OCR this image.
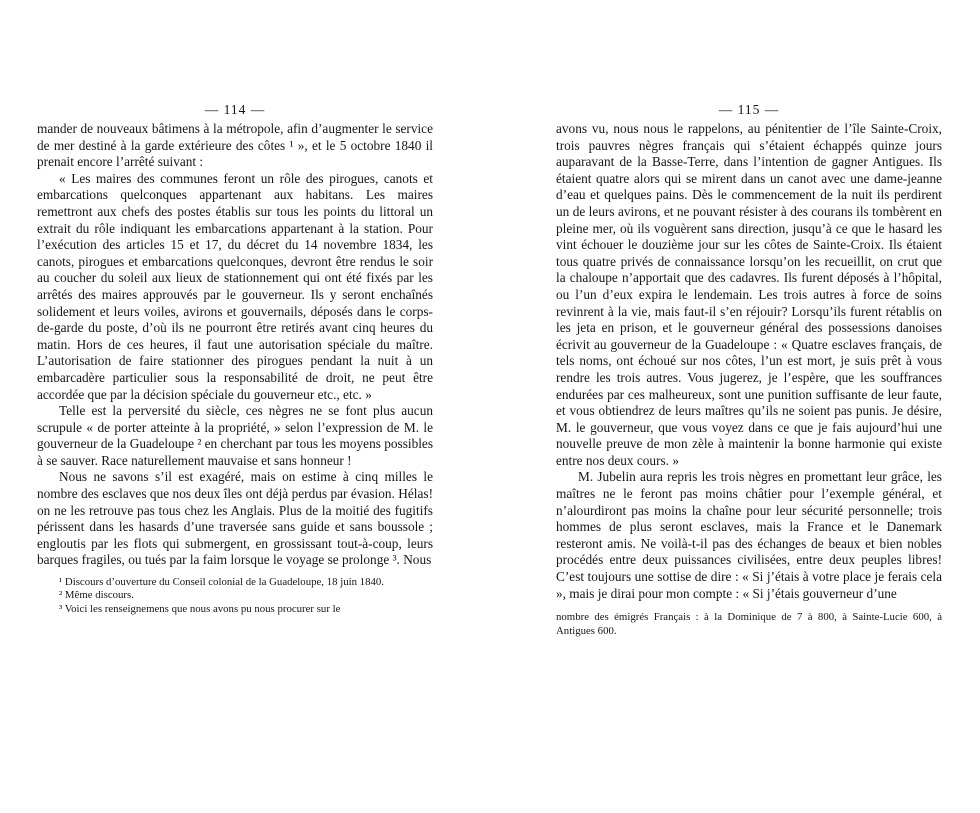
— 114 —

mander de nouveaux bâtimens à la métropole, afin d’augmenter le service de mer destiné à la garde extérieure des côtes ¹ », et le 5 octobre 1840 il prenait encore l’arrêté suivant :

« Les maires des communes feront un rôle des pirogues, canots et embarcations quelconques appartenant aux habitans. Les maires remettront aux chefs des postes établis sur tous les points du littoral un extrait du rôle indiquant les embarcations appartenant à la station. Pour l’exécution des articles 15 et 17, du décret du 14 novembre 1834, les canots, pirogues et embarcations quelconques, devront être rendus le soir au coucher du soleil aux lieux de stationnement qui ont été fixés par les arrêtés des maires approuvés par le gouverneur. Ils y seront enchaînés solidement et leurs voiles, avirons et gouvernails, déposés dans le corps-de-garde du poste, d’où ils ne pourront être retirés avant cinq heures du matin. Hors de ces heures, il faut une autorisation spéciale du maître. L’autorisation de faire stationner des pirogues pendant la nuit à un embarcadère particulier sous la responsabilité de droit, ne peut être accordée que par la décision spéciale du gouverneur etc., etc. »

Telle est la perversité du siècle, ces nègres ne se font plus aucun scrupule « de porter atteinte à la propriété, » selon l’expression de M. le gouverneur de la Guadeloupe ² en cherchant par tous les moyens possibles à se sauver. Race naturellement mauvaise et sans honneur !

Nous ne savons s’il est exagéré, mais on estime à cinq milles le nombre des esclaves que nos deux îles ont déjà perdus par évasion. Hélas! on ne les retrouve pas tous chez les Anglais. Plus de la moitié des fugitifs périssent dans les hasards d’une traversée sans guide et sans boussole ; engloutis par les flots qui submergent, en grossissant tout-à-coup, leurs barques fragiles, ou tués par la faim lorsque le voyage se prolonge ³. Nous

¹ Discours d’ouverture du Conseil colonial de la Guadeloupe, 18 juin 1840.

² Même discours.

³ Voici les renseignemens que nous avons pu nous procurer sur le

— 115 —

avons vu, nous nous le rappelons, au pénitentier de l’île Sainte-Croix, trois pauvres nègres français qui s’étaient échappés quinze jours auparavant de la Basse-Terre, dans l’intention de gagner Antigues. Ils étaient quatre alors qui se mirent dans un canot avec une dame-jeanne d’eau et quelques pains. Dès le commencement de la nuit ils perdirent un de leurs avirons, et ne pouvant résister à des courans ils tombèrent en pleine mer, où ils voguèrent sans direction, jusqu’à ce que le hasard les vint échouer le douzième jour sur les côtes de Sainte-Croix. Ils étaient tous quatre privés de connaissance lorsqu’on les recueillit, on crut que la chaloupe n’apportait que des cadavres. Ils furent déposés à l’hôpital, ou l’un d’eux expira le lendemain. Les trois autres à force de soins revinrent à la vie, mais faut-il s’en réjouir? Lorsqu’ils furent rétablis on les jeta en prison, et le gouverneur général des possessions danoises écrivit au gouverneur de la Guadeloupe : « Quatre esclaves français, de tels noms, ont échoué sur nos côtes, l’un est mort, je suis prêt à vous rendre les trois autres. Vous jugerez, je l’espère, que les souffrances endurées par ces malheureux, sont une punition suffisante de leur faute, et vous obtiendrez de leurs maîtres qu’ils ne soient pas punis. Je désire, M. le gouverneur, que vous voyez dans ce que je fais aujourd’hui une nouvelle preuve de mon zèle à maintenir la bonne harmonie qui existe entre nos deux cours. »

M. Jubelin aura repris les trois nègres en promettant leur grâce, les maîtres ne le feront pas moins châtier pour l’exemple général, et n’alourdiront pas moins la chaîne pour leur sécurité personnelle; trois hommes de plus seront esclaves, mais la France et le Danemark resteront amis. Ne voilà-t-il pas des échanges de beaux et bien nobles procédés entre deux puissances civilisées, entre deux peuples libres! C’est toujours une sottise de dire : « Si j’étais à votre place je ferais cela », mais je dirai pour mon compte : « Si j’étais gouverneur d’une

nombre des émigrés Français : à la Dominique de 7 à 800, à Sainte-Lucie 600, à Antigues 600.
